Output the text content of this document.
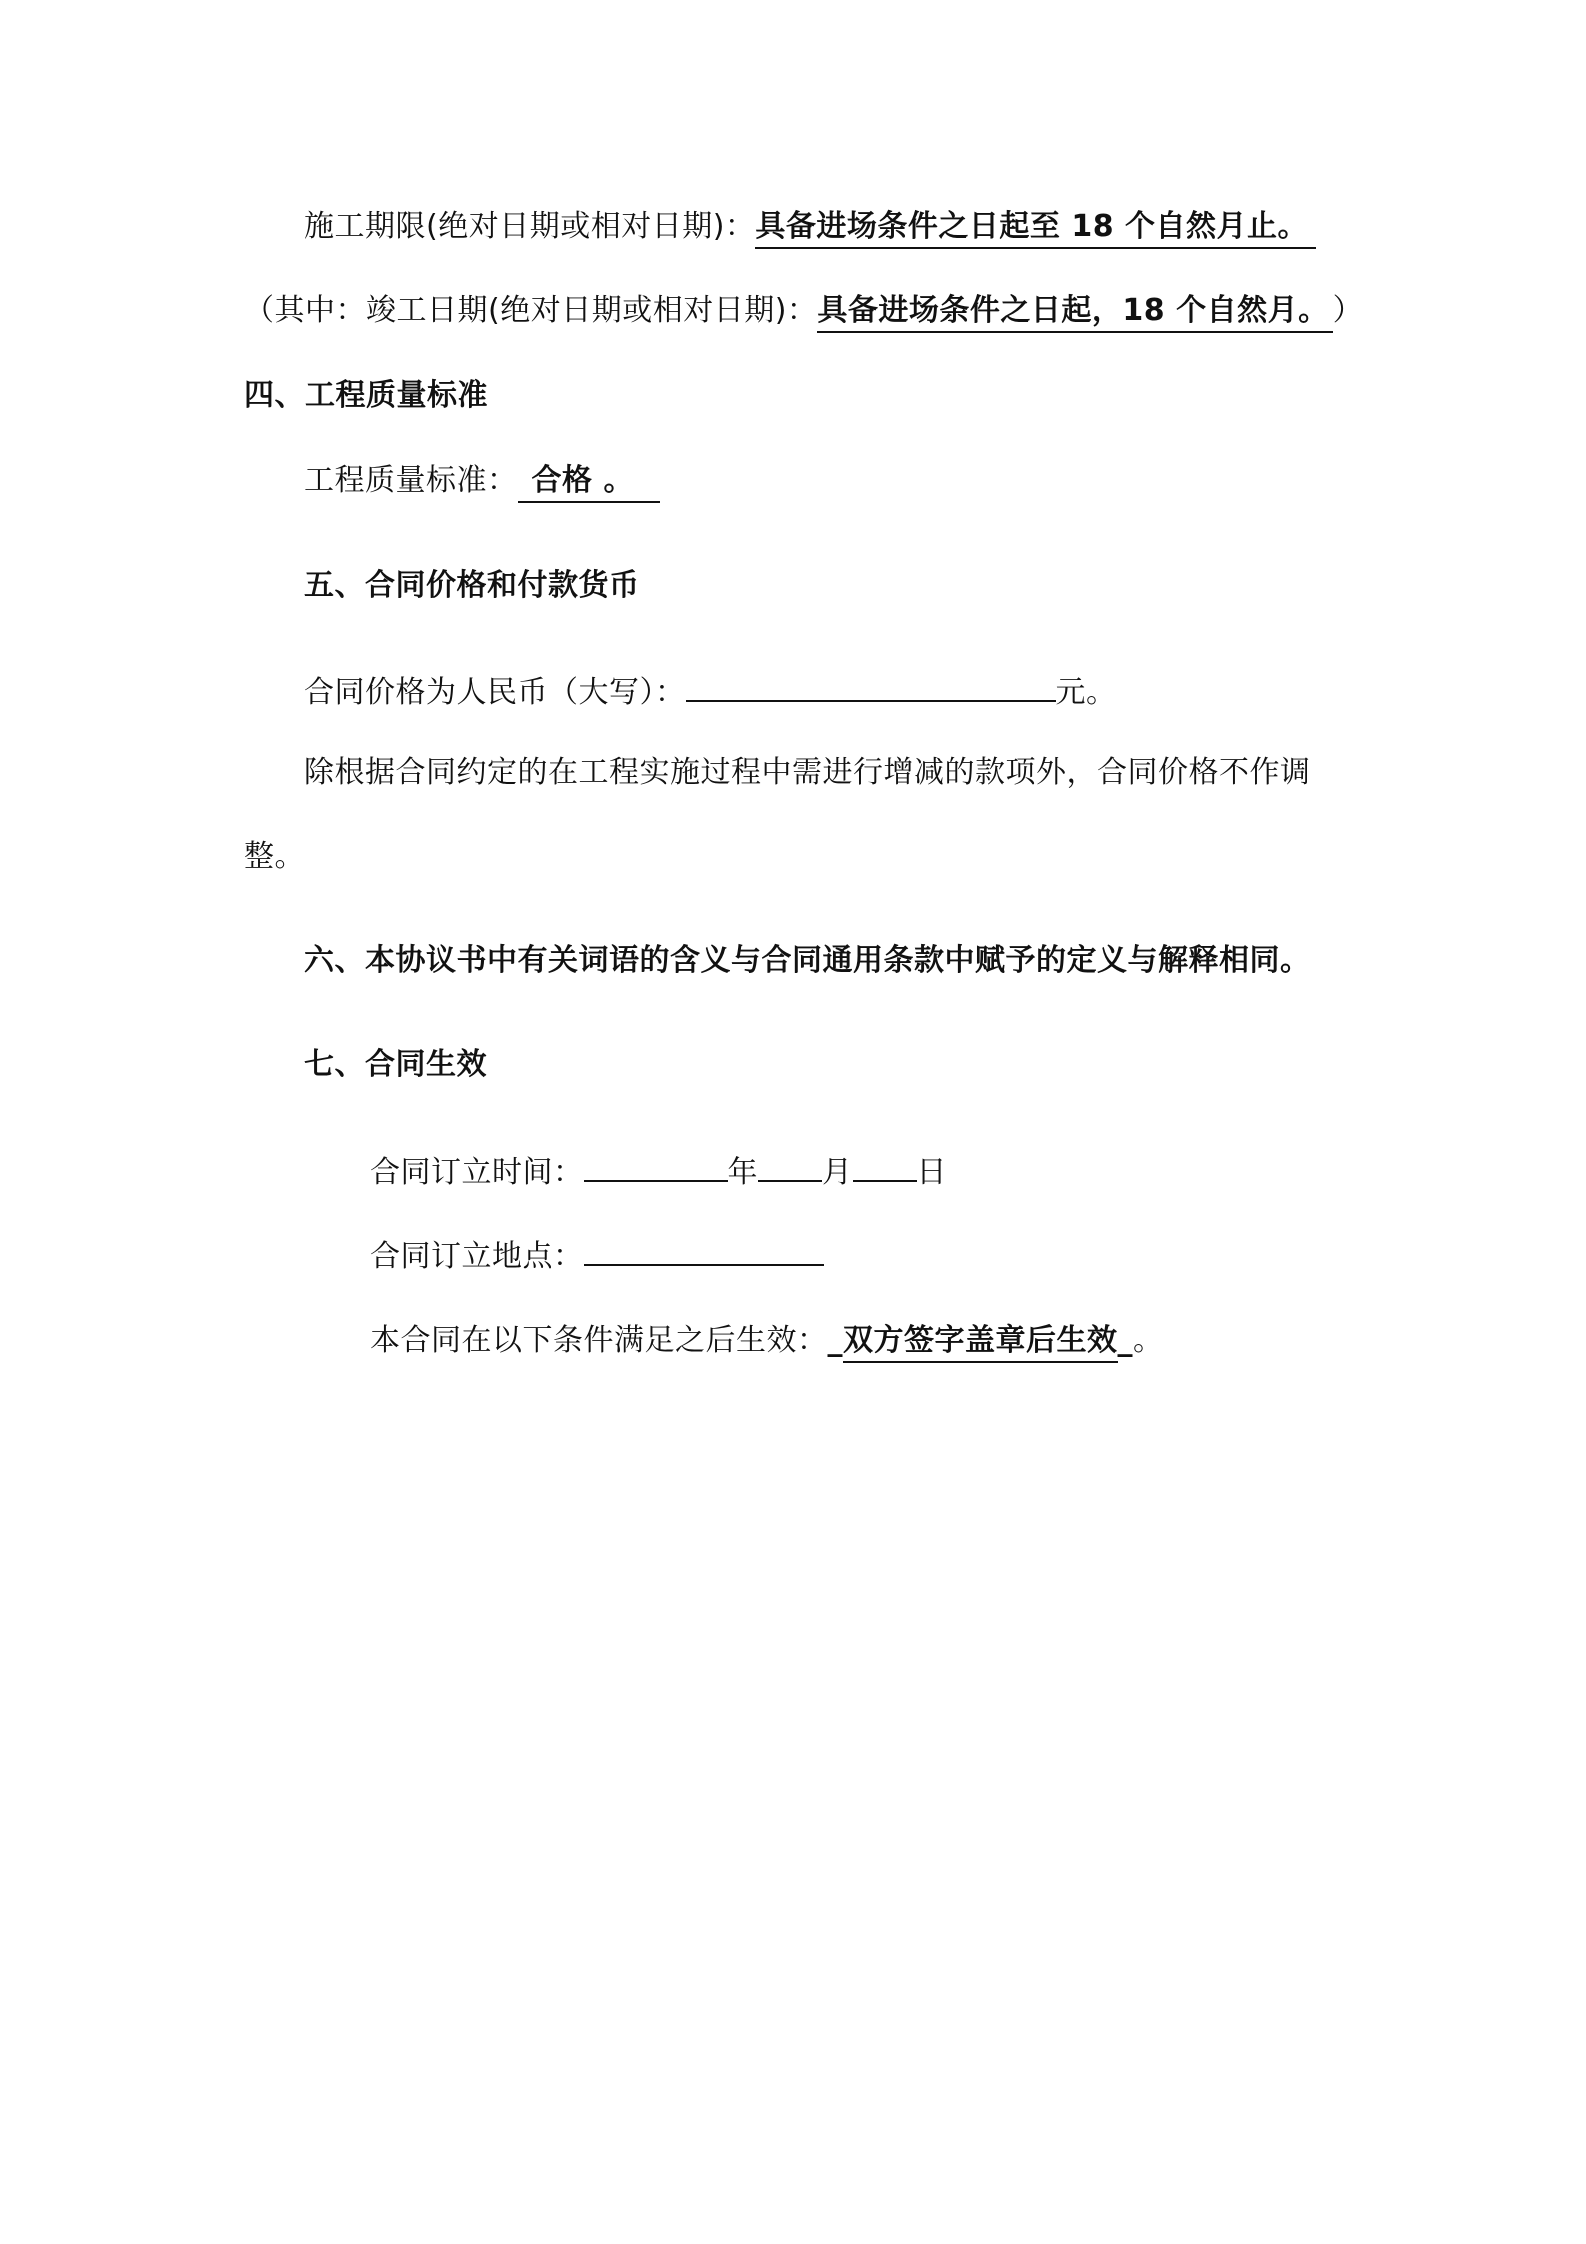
施工期限(绝对日期或相对日期)：具备进场条件之日起至 18 个自然月止。
（其中：竣工日期(绝对日期或相对日期)：具备进场条件之日起，18 个自然月。 ）
四、工程质量标准
工程质量标准： 合格 。
五、合同价格和付款货币
合同价格为人民币（大写）：	元。
除根据合同约定的在工程实施过程中需进行增减的款项外，合同价格不作调
整。
六、本协议书中有关词语的含义与合同通用条款中赋予的定义与解释相同。
七、合同生效
合同订立时间：	年 月 日
合同订立地点：
本合同在以下条件满足之后生效：_双方签字盖章后生效_。
